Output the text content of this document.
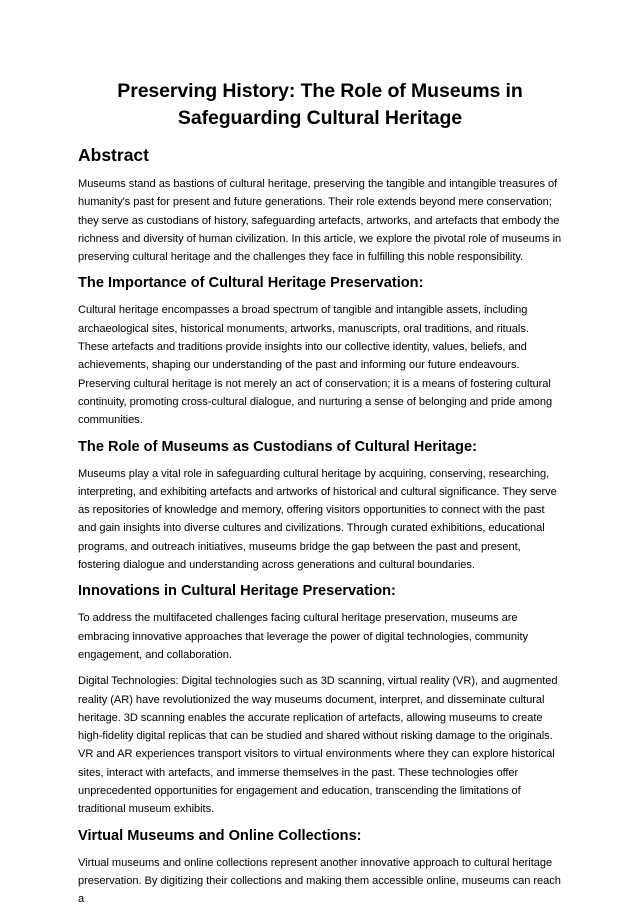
Preserving History: The Role of Museums in Safeguarding Cultural Heritage
Abstract

Museums stand as bastions of cultural heritage, preserving the tangible and intangible treasures of humanity's past for present and future generations. Their role extends beyond mere conservation; they serve as custodians of history, safeguarding artefacts, artworks, and artefacts that embody the richness and diversity of human civilization. In this article, we explore the pivotal role of museums in preserving cultural heritage and the challenges they face in fulfilling this noble responsibility.

The Importance of Cultural Heritage Preservation:

Cultural heritage encompasses a broad spectrum of tangible and intangible assets, including archaeological sites, historical monuments, artworks, manuscripts, oral traditions, and rituals. These artefacts and traditions provide insights into our collective identity, values, beliefs, and achievements, shaping our understanding of the past and informing our future endeavours. Preserving cultural heritage is not merely an act of conservation; it is a means of fostering cultural continuity, promoting cross-cultural dialogue, and nurturing a sense of belonging and pride among communities.

The Role of Museums as Custodians of Cultural Heritage:

Museums play a vital role in safeguarding cultural heritage by acquiring, conserving, researching, interpreting, and exhibiting artefacts and artworks of historical and cultural significance. They serve as repositories of knowledge and memory, offering visitors opportunities to connect with the past and gain insights into diverse cultures and civilizations. Through curated exhibitions, educational programs, and outreach initiatives, museums bridge the gap between the past and present, fostering dialogue and understanding across generations and cultural boundaries.

Innovations in Cultural Heritage Preservation:

To address the multifaceted challenges facing cultural heritage preservation, museums are embracing innovative approaches that leverage the power of digital technologies, community engagement, and collaboration.

Digital Technologies: Digital technologies such as 3D scanning, virtual reality (VR), and augmented reality (AR) have revolutionized the way museums document, interpret, and disseminate cultural heritage. 3D scanning enables the accurate replication of artefacts, allowing museums to create high-fidelity digital replicas that can be studied and shared without risking damage to the originals. VR and AR experiences transport visitors to virtual environments where they can explore historical sites, interact with artefacts, and immerse themselves in the past. These technologies offer unprecedented opportunities for engagement and education, transcending the limitations of traditional museum exhibits.

Virtual Museums and Online Collections:

Virtual museums and online collections represent another innovative approach to cultural heritage preservation. By digitizing their collections and making them accessible online, museums can reach a
